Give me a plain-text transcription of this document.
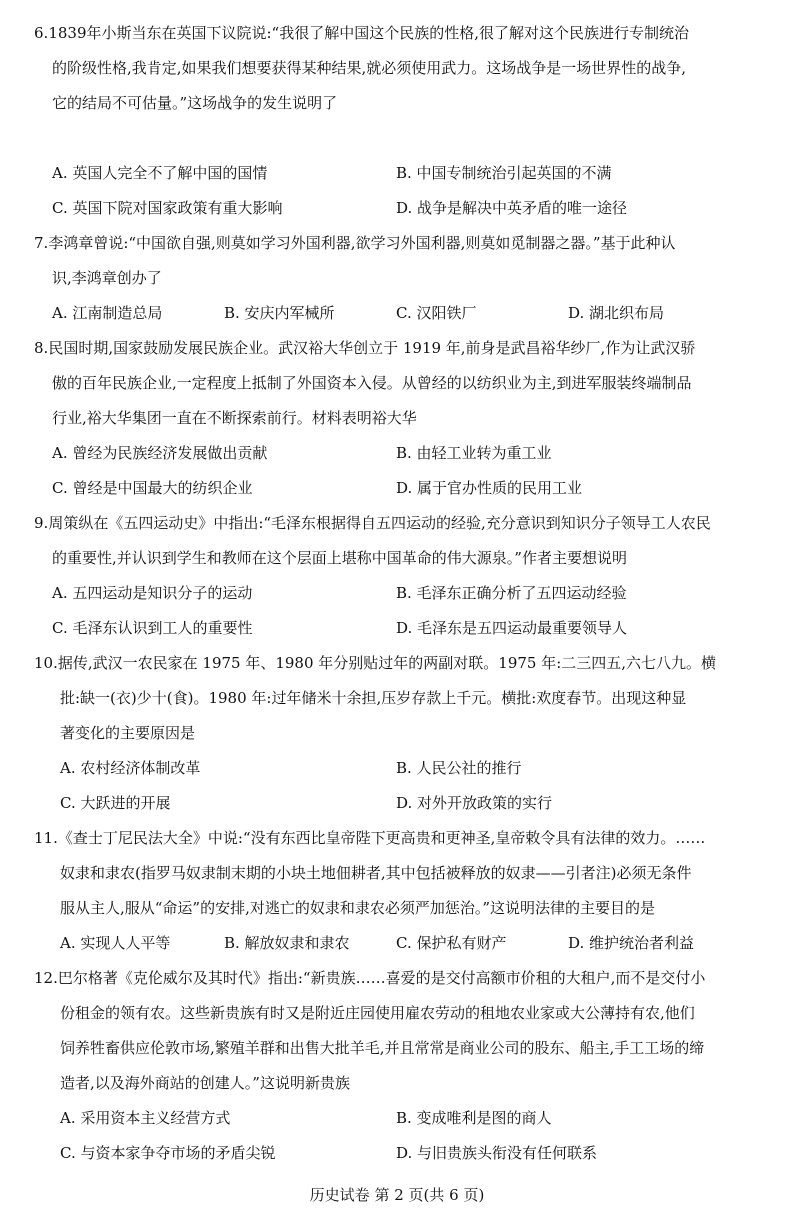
6.1839年小斯当东在英国下议院说:“我很了解中国这个民族的性格,很了解对这个民族进行专制统治
的阶级性格,我肯定,如果我们想要获得某种结果,就必须使用武力。这场战争是一场世界性的战争,
它的结局不可估量。”这场战争的发生说明了
A. 英国人完全不了解中国的国情	B. 中国专制统治引起英国的不满
C. 英国下院对国家政策有重大影响	D. 战争是解决中英矛盾的唯一途径
7.李鸿章曾说:“中国欲自强,则莫如学习外国利器,欲学习外国利器,则莫如觅制器之器。”基于此种认
识,李鸿章创办了
A. 江南制造总局	B. 安庆内军械所	C. 汉阳铁厂	D. 湖北织布局
8.民国时期,国家鼓励发展民族企业。武汉裕大华创立于 1919 年,前身是武昌裕华纱厂,作为让武汉骄
傲的百年民族企业,一定程度上抵制了外国资本入侵。从曾经的以纺织业为主,到进军服装终端制品
行业,裕大华集团一直在不断探索前行。材料表明裕大华
A. 曾经为民族经济发展做出贡献	B. 由轻工业转为重工业
C. 曾经是中国最大的纺织企业	D. 属于官办性质的民用工业
9.周策纵在《五四运动史》中指出:“毛泽东根据得自五四运动的经验,充分意识到知识分子领导工人农民
的重要性,并认识到学生和教师在这个层面上堪称中国革命的伟大源泉。”作者主要想说明
A. 五四运动是知识分子的运动	B. 毛泽东正确分析了五四运动经验
C. 毛泽东认识到工人的重要性	D. 毛泽东是五四运动最重要领导人
10.据传,武汉一农民家在 1975 年、1980 年分别贴过年的两副对联。1975 年:二三四五,六七八九。横
批:缺一(衣)少十(食)。1980 年:过年储米十余担,压岁存款上千元。横批:欢度春节。出现这种显
著变化的主要原因是
A. 农村经济体制改革	B. 人民公社的推行
C. 大跃进的开展	D. 对外开放政策的实行
11.《查士丁尼民法大全》中说:“没有东西比皇帝陛下更高贵和更神圣,皇帝敕令具有法律的效力。……
奴隶和隶农(指罗马奴隶制末期的小块土地佃耕者,其中包括被释放的奴隶——引者注)必须无条件
服从主人,服从“命运”的安排,对逃亡的奴隶和隶农必须严加惩治。”这说明法律的主要目的是
A. 实现人人平等	B. 解放奴隶和隶农	C. 保护私有财产	D. 维护统治者利益
12.巴尔格著《克伦威尔及其时代》指出:“新贵族……喜爱的是交付高额市价租的大租户,而不是交付小
份租金的领有农。这些新贵族有时又是附近庄园使用雇农劳动的租地农业家或大公薄持有农,他们
饲养牲畜供应伦敦市场,繁殖羊群和出售大批羊毛,并且常常是商业公司的股东、船主,手工工场的缔
造者,以及海外商站的创建人。”这说明新贵族
A. 采用资本主义经营方式	B. 变成唯利是图的商人
C. 与资本家争夺市场的矛盾尖锐	D. 与旧贵族头衔没有任何联系
历史试卷 第 2 页(共 6 页)
